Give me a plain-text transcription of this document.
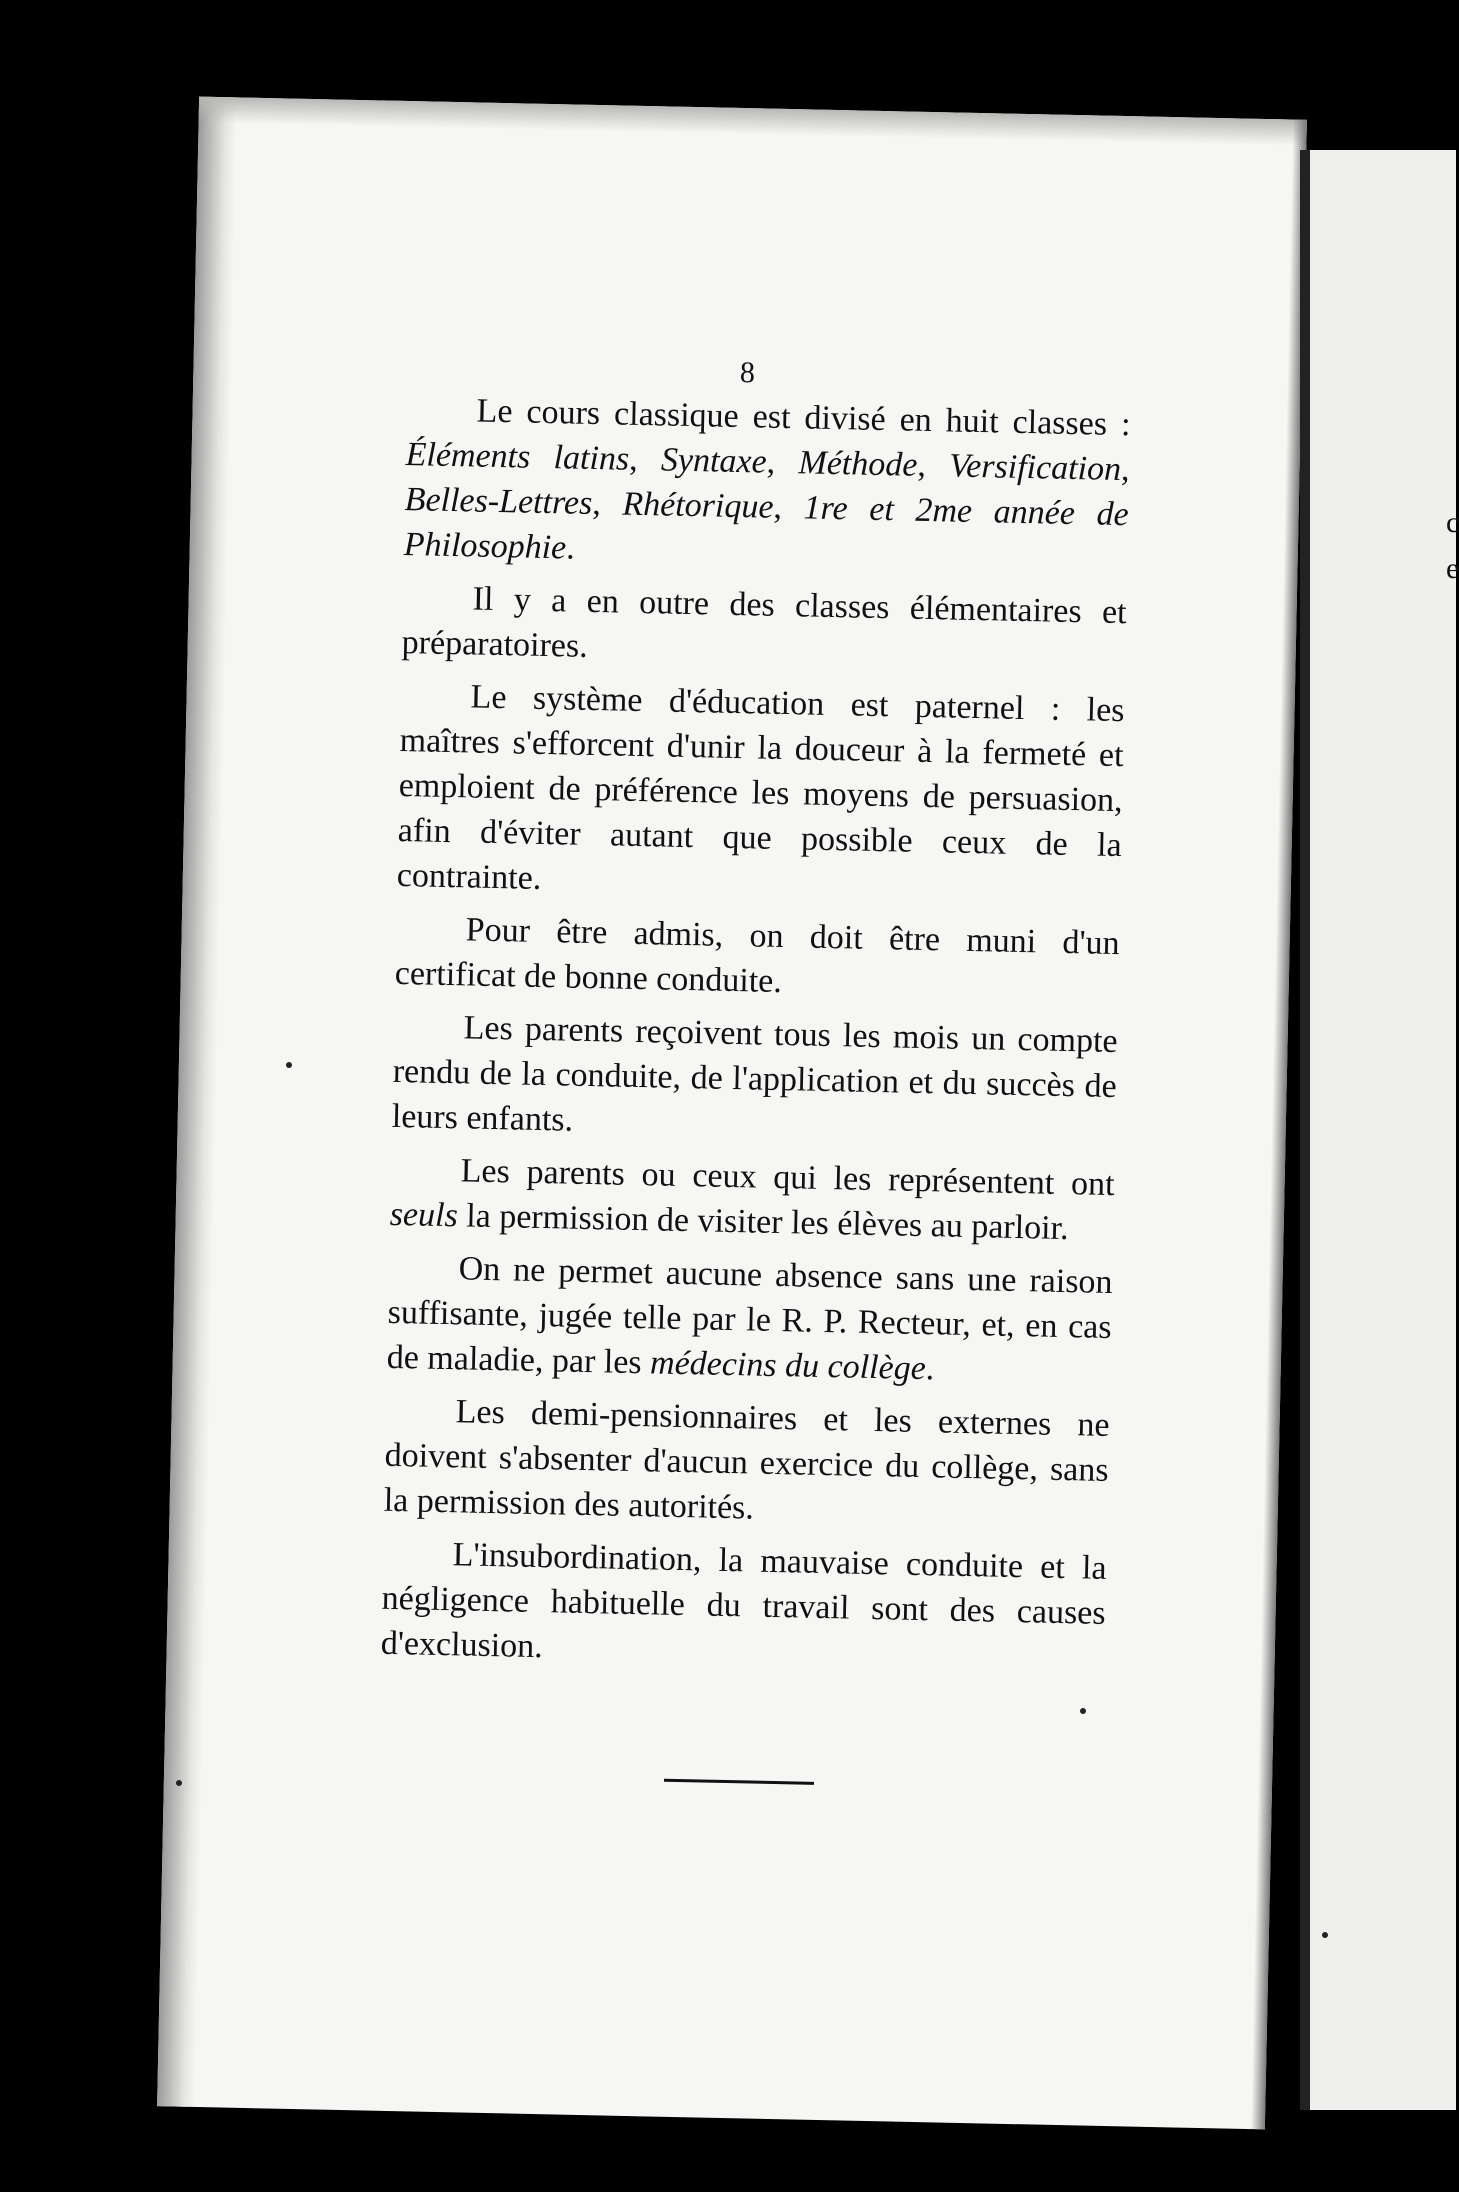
8

Le cours classique est divisé en huit classes : Éléments latins, Syntaxe, Méthode, Versification, Belles-Lettres, Rhétorique, 1re et 2me année de Philosophie.

Il y a en outre des classes élémentaires et préparatoires.

Le système d'éducation est paternel : les maîtres s'efforcent d'unir la douceur à la fermeté et emploient de préférence les moyens de persuasion, afin d'éviter autant que possible ceux de la contrainte.

Pour être admis, on doit être muni d'un certificat de bonne conduite.

Les parents reçoivent tous les mois un compte rendu de la conduite, de l'application et du succès de leurs enfants.

Les parents ou ceux qui les représentent ont seuls la permission de visiter les élèves au parloir.

On ne permet aucune absence sans une raison suffisante, jugée telle par le R. P. Recteur, et, en cas de maladie, par les médecins du collège.

Les demi-pensionnaires et les externes ne doivent s'absenter d'aucun exercice du collège, sans la permission des autorités.

L'insubordination, la mauvaise conduite et la négligence habituelle du travail sont des causes d'exclusion.

c
e
